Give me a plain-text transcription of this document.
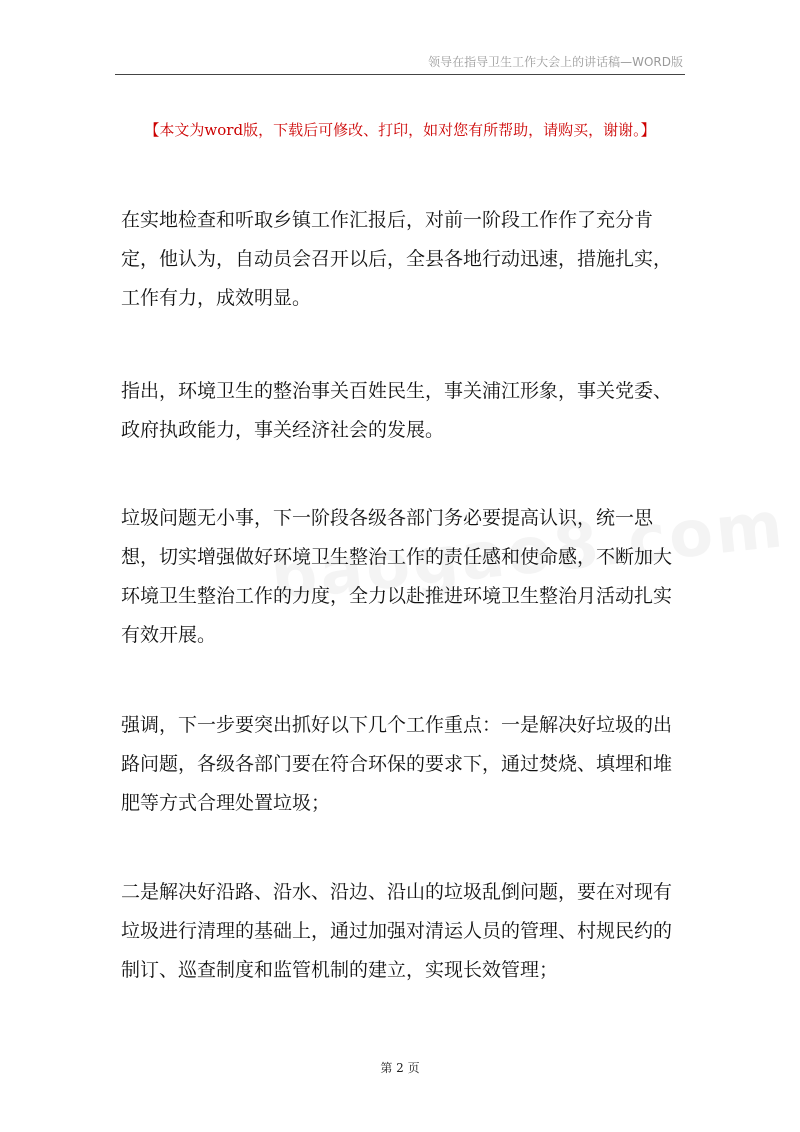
领导在指导卫生工作大会上的讲话稿—WORD版
【本文为word版，下载后可修改、打印，如对您有所帮助，请购买，谢谢。】

在实地检查和听取乡镇工作汇报后，对前一阶段工作作了充分肯定，他认为，自动员会召开以后，全县各地行动迅速，措施扎实，工作有力，成效明显。

指出，环境卫生的整治事关百姓民生，事关浦江形象，事关党委、政府执政能力，事关经济社会的发展。

垃圾问题无小事，下一阶段各级各部门务必要提高认识，统一思想，切实增强做好环境卫生整治工作的责任感和使命感，不断加大环境卫生整治工作的力度，全力以赴推进环境卫生整治月活动扎实有效开展。

强调，下一步要突出抓好以下几个工作重点：一是解决好垃圾的出路问题，各级各部门要在符合环保的要求下，通过焚烧、填埋和堆肥等方式合理处置垃圾；

二是解决好沿路、沿水、沿边、沿山的垃圾乱倒问题，要在对现有垃圾进行清理的基础上，通过加强对清运人员的管理、村规民约的制订、巡查制度和监管机制的建立，实现长效管理；

第 2 页
